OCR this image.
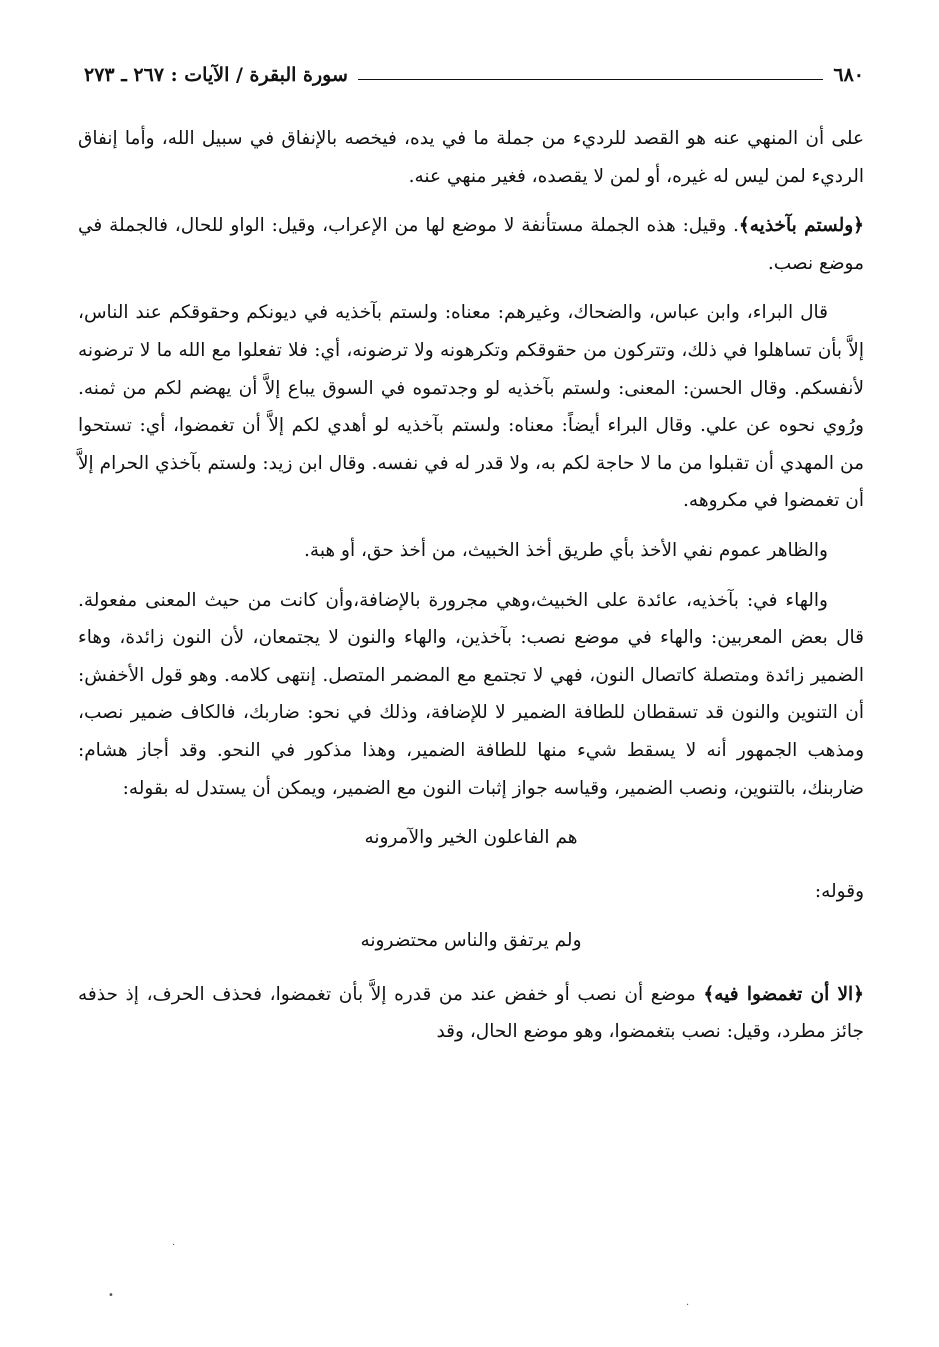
٦٨٠
سورة البقرة / الآيات : ٢٦٧ ـ ٢٧٣

على أن المنهي عنه هو القصد للرديء من جملة ما في يده، فيخصه بالإنفاق في سبيل الله، وأما إنفاق الرديء لمن ليس له غيره، أو لمن لا يقصده، فغير منهي عنه.

﴿ولستم بآخذيه﴾. وقيل: هذه الجملة مستأنفة لا موضع لها من الإعراب، وقيل: الواو للحال، فالجملة في موضع نصب.

قال البراء، وابن عباس، والضحاك، وغيرهم: معناه: ولستم بآخذيه في ديونكم وحقوقكم عند الناس، إلاَّ بأن تساهلوا في ذلك، وتتركون من حقوقكم وتكرهونه ولا ترضونه، أي: فلا تفعلوا مع الله ما لا ترضونه لأنفسكم. وقال الحسن: المعنى: ولستم بآخذيه لو وجدتموه في السوق يباع إلاَّ أن يهضم لكم من ثمنه. ورُوي نحوه عن علي. وقال البراء أيضاً: معناه: ولستم بآخذيه لو أهدي لكم إلاَّ أن تغمضوا، أي: تستحوا من المهدي أن تقبلوا من ما لا حاجة لكم به، ولا قدر له في نفسه. وقال ابن زيد: ولستم بآخذي الحرام إلاَّ أن تغمضوا في مكروهه.

والظاهر عموم نفي الأخذ بأي طريق أخذ الخبيث، من أخذ حق، أو هبة.

والهاء في: بآخذيه، عائدة على الخبيث،وهي مجرورة بالإضافة،وأن كانت من حيث المعنى مفعولة. قال بعض المعربين: والهاء في موضع نصب: بآخذين، والهاء والنون لا يجتمعان، لأن النون زائدة، وهاء الضمير زائدة ومتصلة كاتصال النون، فهي لا تجتمع مع المضمر المتصل. إنتهى كلامه. وهو قول الأخفش: أن التنوين والنون قد تسقطان للطافة الضمير لا للإضافة، وذلك في نحو: ضاربك، فالكاف ضمير نصب، ومذهب الجمهور أنه لا يسقط شيء منها للطافة الضمير، وهذا مذكور في النحو. وقد أجاز هشام: ضاربنك، بالتنوين، ونصب الضمير، وقياسه جواز إثبات النون مع الضمير، ويمكن أن يستدل له بقوله:

هم الفاعلون الخير والآمرونه

وقوله:

ولم يرتفق والناس محتضرونه

﴿الا أن تغمضوا فيه﴾ موضع أن نصب أو خفض عند من قدره إلاَّ بأن تغمضوا، فحذف الحرف، إذ حذفه جائز مطرد، وقيل: نصب بتغمضوا، وهو موضع الحال، وقد

•
·
·
